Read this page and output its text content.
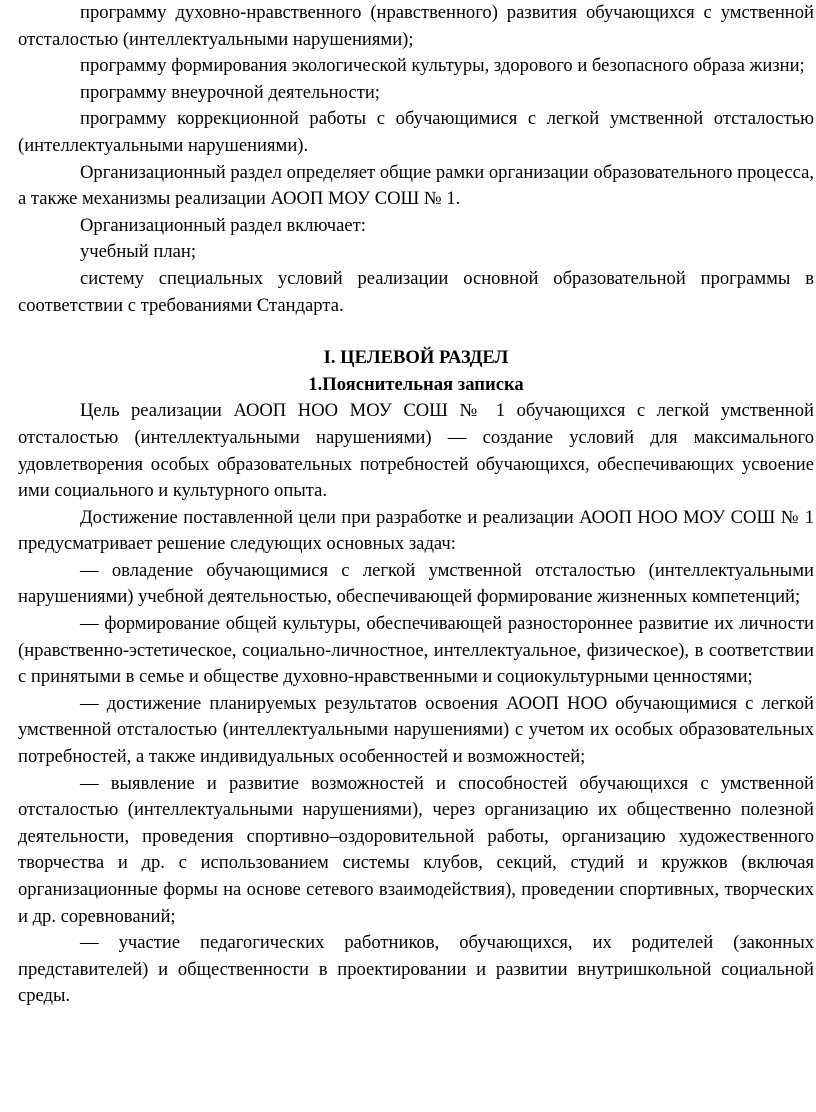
программу духовно-нравственного (нравственного) развития обучающихся с умственной отсталостью (интеллектуальными нарушениями);

программу формирования экологической культуры, здорового и безопасного образа жизни;

программу внеурочной деятельности;

программу коррекционной работы с обучающимися с легкой умственной отсталостью (интеллектуальными нарушениями).

Организационный раздел определяет общие рамки организации образовательного процесса, а также механизмы реализации АООП МОУ СОШ № 1.

Организационный раздел включает:

учебный план;

систему специальных условий реализации основной образовательной программы в соответствии с требованиями Стандарта.

I. ЦЕЛЕВОЙ РАЗДЕЛ
1.Пояснительная записка

Цель реализации АООП НОО МОУ СОШ № 1 обучающихся с легкой умственной отсталостью (интеллектуальными нарушениями) — создание условий для максимального удовлетворения особых образовательных потребностей обучающихся, обеспечивающих усвоение ими социального и культурного опыта.

Достижение поставленной цели при разработке и реализации АООП НОО МОУ СОШ № 1 предусматривает решение следующих основных задач:

— овладение обучающимися с легкой умственной отсталостью (интеллектуальными нарушениями) учебной деятельностью, обеспечивающей формирование жизненных компетенций;

— формирование общей культуры, обеспечивающей разностороннее развитие их личности (нравственно-эстетическое, социально-личностное, интеллектуальное, физическое), в соответствии с принятыми в семье и обществе духовно-нравственными и социокультурными ценностями;

— достижение планируемых результатов освоения АООП НОО обучающимися с легкой умственной отсталостью (интеллектуальными нарушениями) с учетом их особых образовательных потребностей, а также индивидуальных особенностей и возможностей;

— выявление и развитие возможностей и способностей обучающихся с умственной отсталостью (интеллектуальными нарушениями), через организацию их общественно полезной деятельности, проведения спортивно–оздоровительной работы, организацию художественного творчества и др. с использованием системы клубов, секций, студий и кружков (включая организационные формы на основе сетевого взаимодействия), проведении спортивных, творческих и др. соревнований;

— участие педагогических работников, обучающихся, их родителей (законных представителей) и общественности в проектировании и развитии внутришкольной социальной среды.
